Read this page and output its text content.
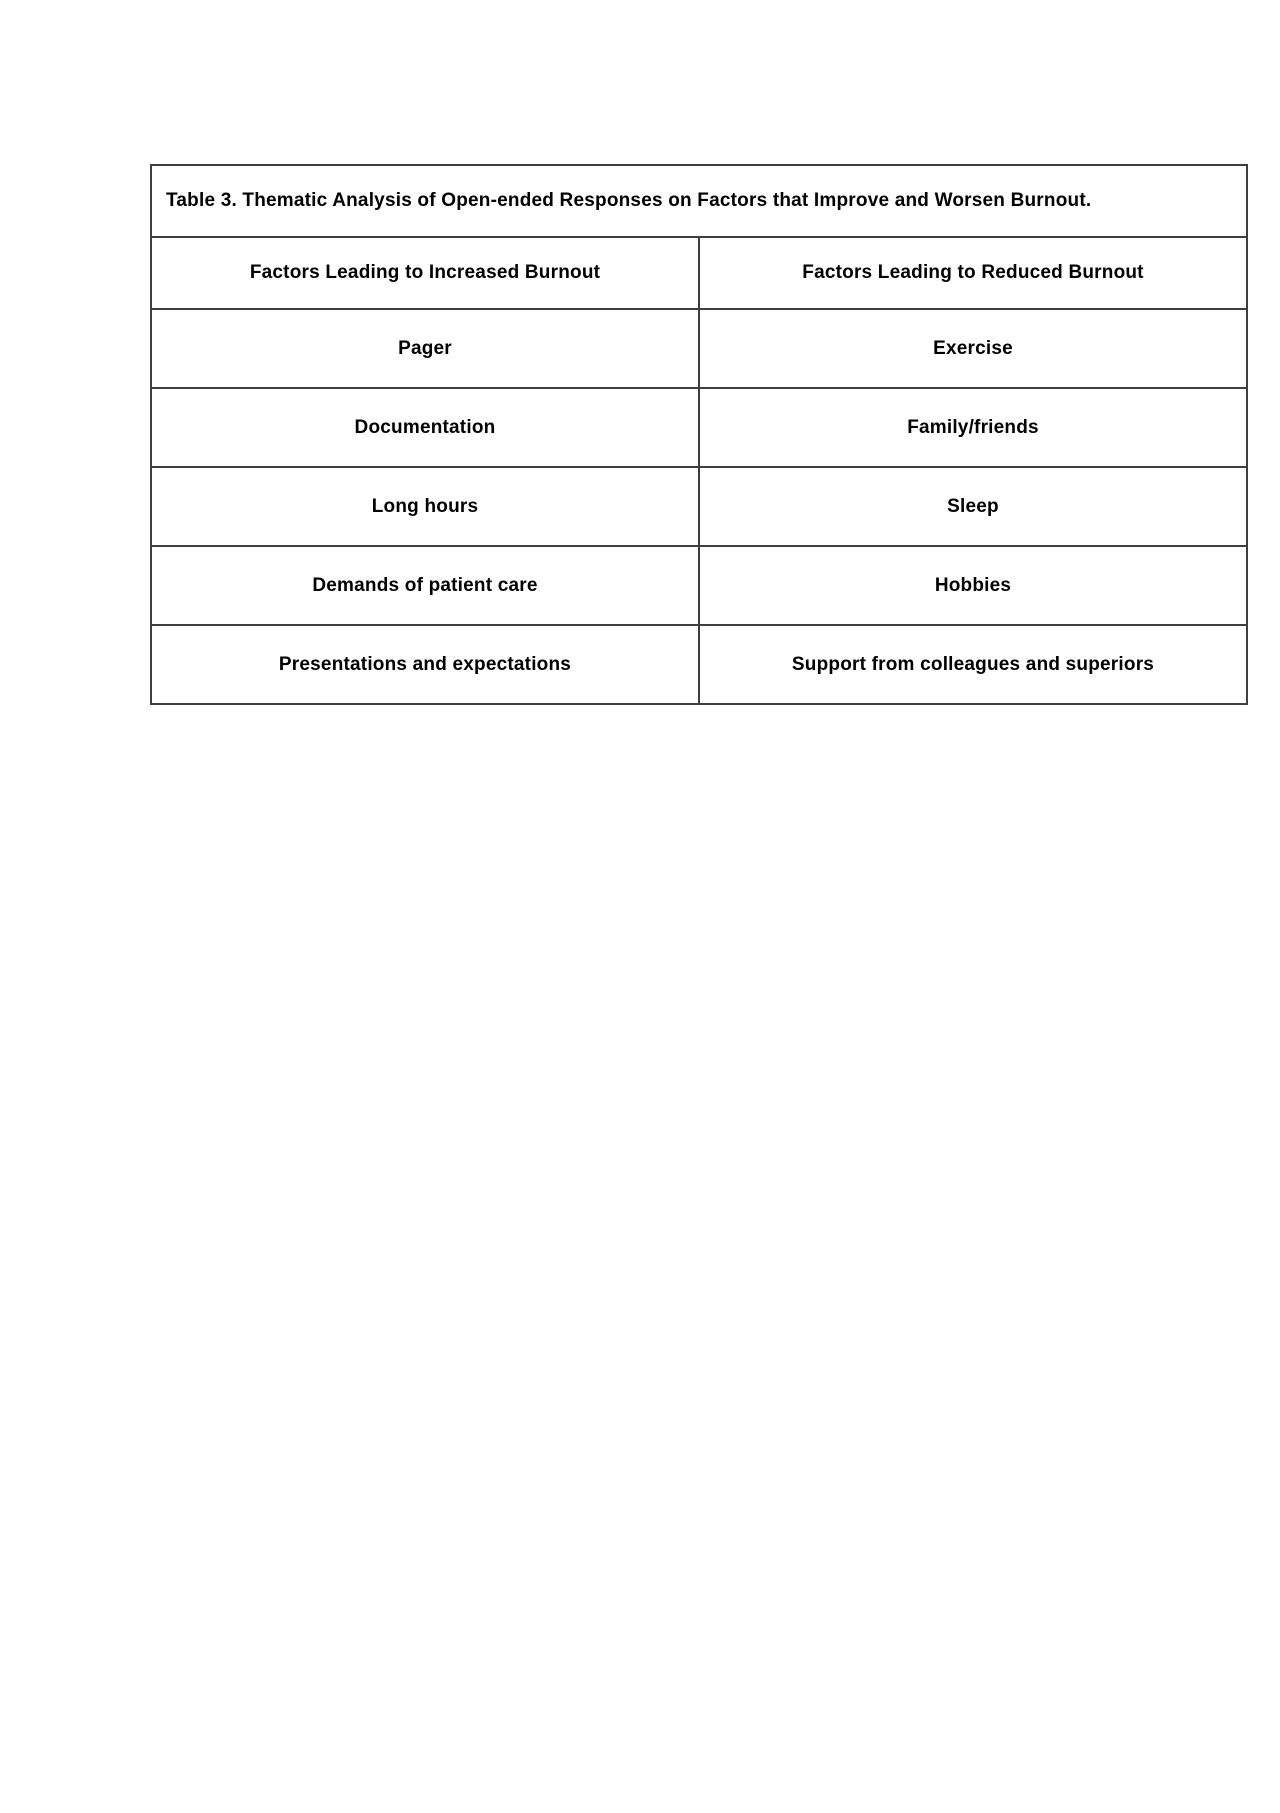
Table 3. Thematic Analysis of Open-ended Responses on Factors that Improve and Worsen Burnout.	
Factors Leading to Increased Burnout	Factors Leading to Reduced Burnout
Pager	Exercise
Documentation	Family/friends
Long hours	Sleep
Demands of patient care	Hobbies
Presentations and expectations	Support from colleagues and superiors
